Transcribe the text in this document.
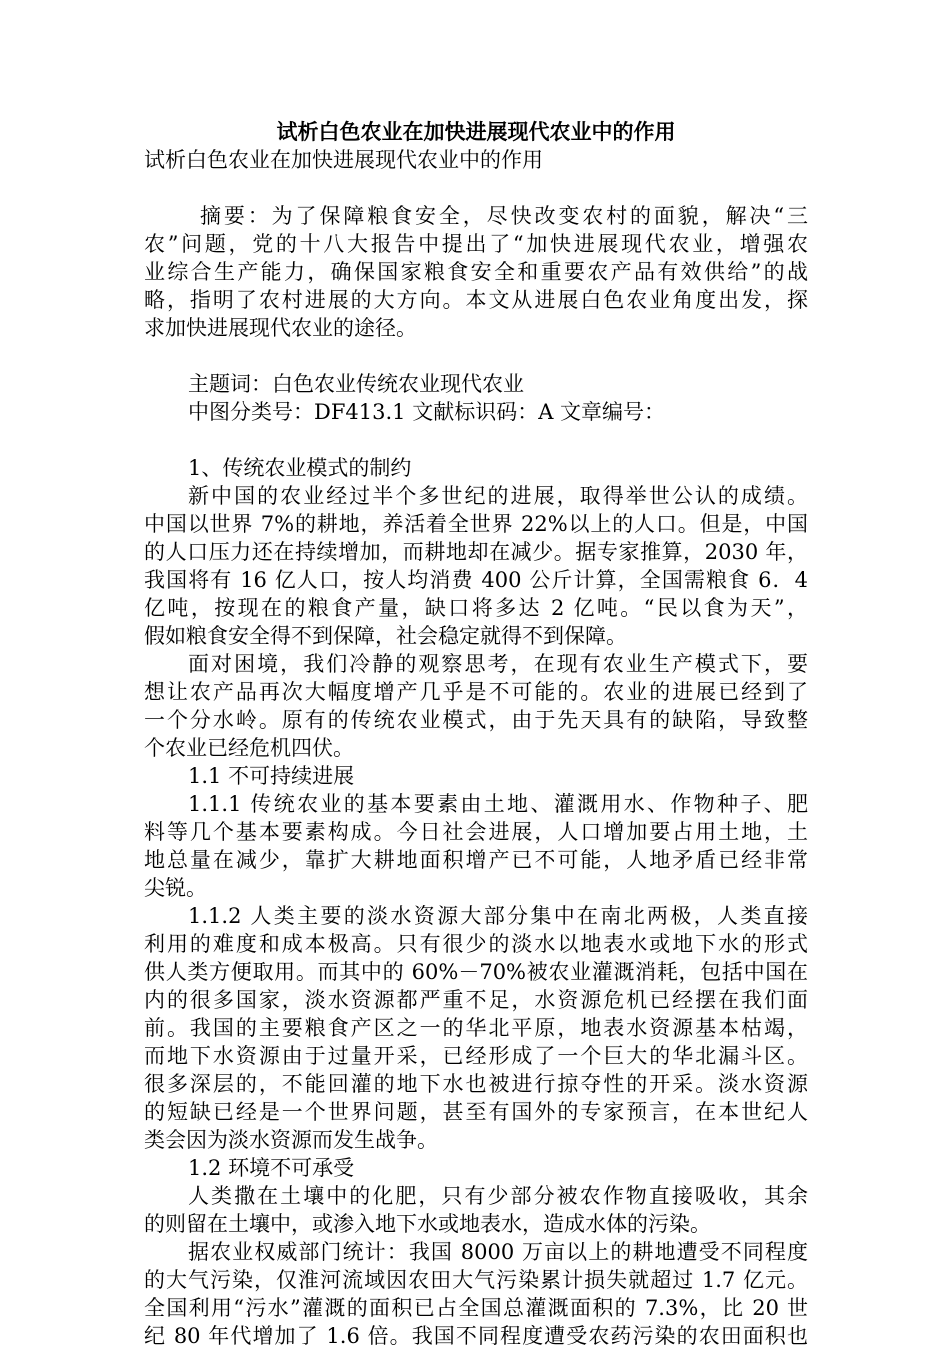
试析白色农业在加快进展现代农业中的作用

试析白色农业在加快进展现代农业中的作用

摘要：为了保障粮食安全，尽快改变农村的面貌，解决“三

农”问题，党的十八大报告中提出了“加快进展现代农业，增强农

业综合生产能力，确保国家粮食安全和重要农产品有效供给”的战

略，指明了农村进展的大方向。本文从进展白色农业角度出发，探

求加快进展现代农业的途径。

主题词：白色农业传统农业现代农业

中图分类号：DF413.1 文献标识码：A 文章编号：

1、传统农业模式的制约

新中国的农业经过半个多世纪的进展，取得举世公认的成绩。

中国以世界 7%的耕地，养活着全世界 22%以上的人口。但是，中国

的人口压力还在持续增加，而耕地却在减少。据专家推算，2030 年，

我国将有 16 亿人口，按人均消费 400 公斤计算，全国需粮食 6．4

亿吨，按现在的粮食产量，缺口将多达 2 亿吨。“民以食为天”，

假如粮食安全得不到保障，社会稳定就得不到保障。

面对困境，我们冷静的观察思考，在现有农业生产模式下，要

想让农产品再次大幅度增产几乎是不可能的。农业的进展已经到了

一个分水岭。原有的传统农业模式，由于先天具有的缺陷，导致整

个农业已经危机四伏。

1.1 不可持续进展

1.1.1 传统农业的基本要素由土地、灌溉用水、作物种子、肥

料等几个基本要素构成。今日社会进展，人口增加要占用土地，土

地总量在减少，靠扩大耕地面积增产已不可能，人地矛盾已经非常

尖锐。

1.1.2 人类主要的淡水资源大部分集中在南北两极，人类直接

利用的难度和成本极高。只有很少的淡水以地表水或地下水的形式

供人类方便取用。而其中的 60%－70%被农业灌溉消耗，包括中国在

内的很多国家，淡水资源都严重不足，水资源危机已经摆在我们面

前。我国的主要粮食产区之一的华北平原，地表水资源基本枯竭，

而地下水资源由于过量开采，已经形成了一个巨大的华北漏斗区。

很多深层的，不能回灌的地下水也被进行掠夺性的开采。淡水资源

的短缺已经是一个世界问题，甚至有国外的专家预言，在本世纪人

类会因为淡水资源而发生战争。

1.2 环境不可承受

人类撒在土壤中的化肥，只有少部分被农作物直接吸收，其余

的则留在土壤中，或渗入地下水或地表水，造成水体的污染。

据农业权威部门统计：我国 8000 万亩以上的耕地遭受不同程度

的大气污染，仅淮河流域因农田大气污染累计损失就超过 1.7 亿元。

全国利用“污水”灌溉的面积已占全国总灌溉面积的 7.3%，比 20 世

纪 80 年代增加了 1.6 倍。我国不同程度遭受农药污染的农田面积也
